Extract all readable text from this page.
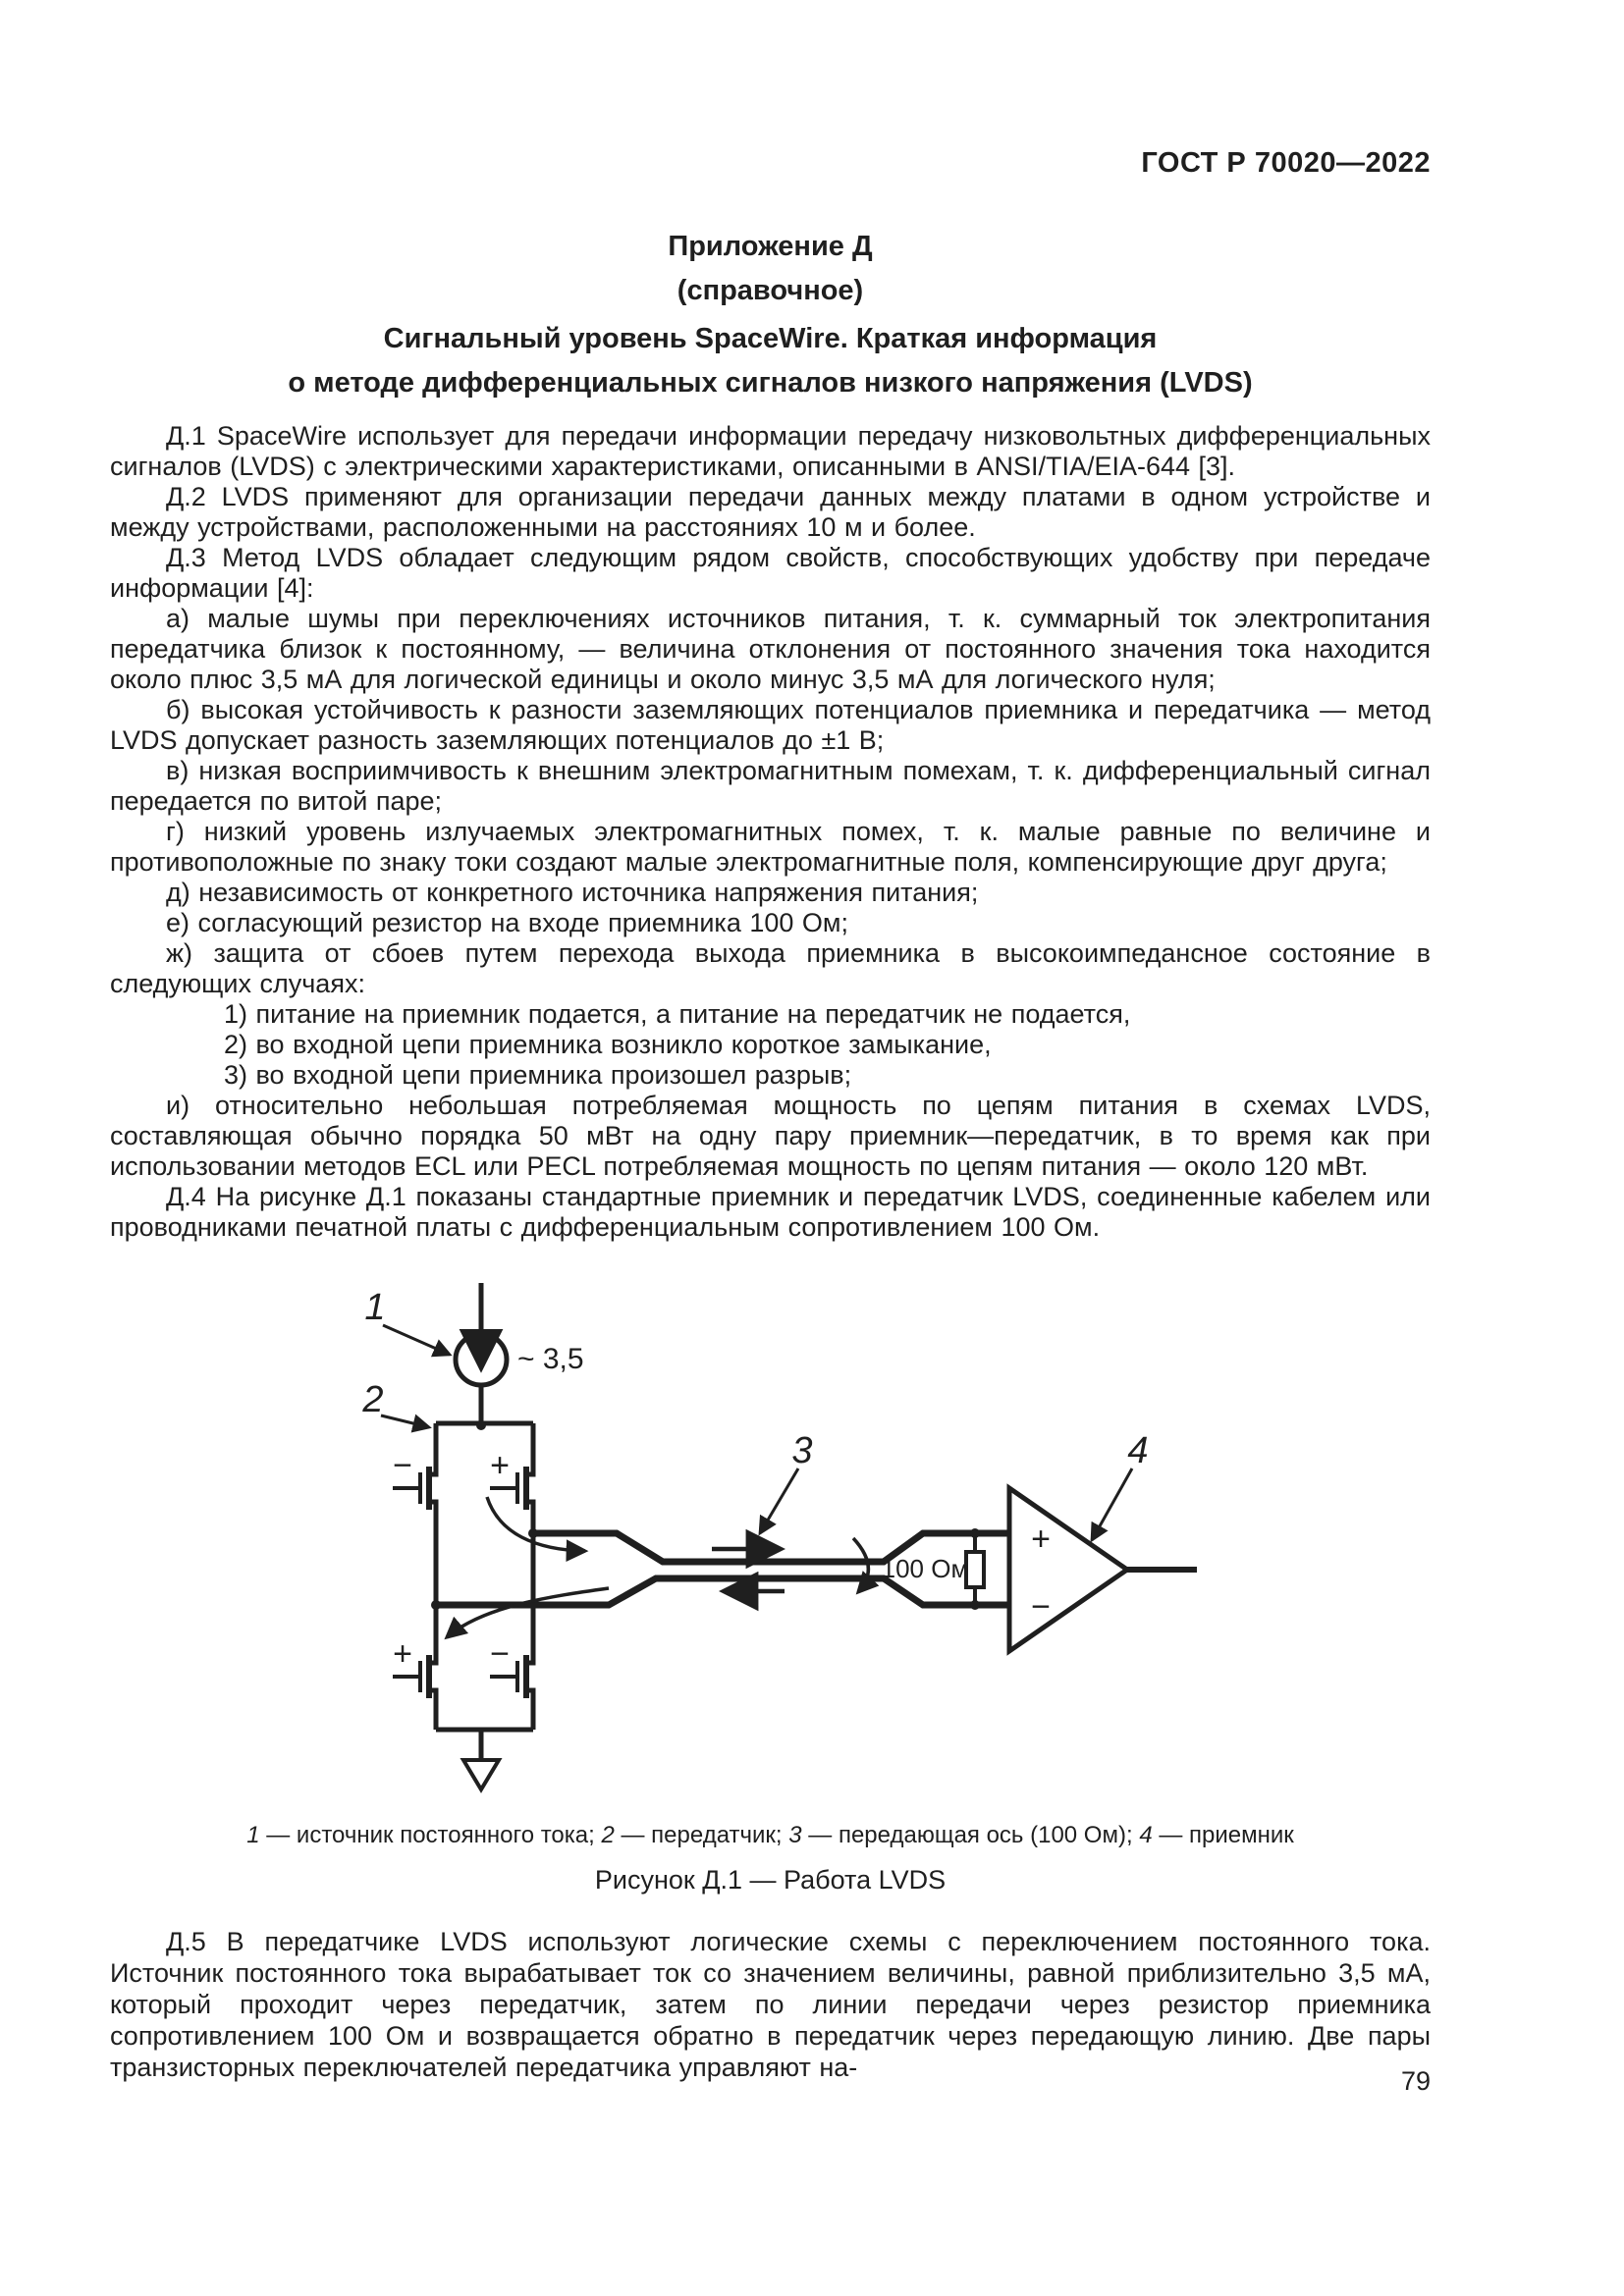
ГОСТ Р 70020—2022
Приложение Д
(справочное)
Сигнальный уровень SpaceWire. Краткая информация
о методе дифференциальных сигналов низкого напряжения (LVDS)

Д.1 SpaceWire использует для передачи информации передачу низковольтных дифференциальных сигналов (LVDS) с электрическими характеристиками, описанными в ANSI/TIA/EIA-644 [3].

Д.2 LVDS применяют для организации передачи данных между платами в одном устройстве и между устройствами, расположенными на расстояниях 10 м и более.

Д.3 Метод LVDS обладает следующим рядом свойств, способствующих удобству при передаче информации [4]:

а) малые шумы при переключениях источников питания, т. к. суммарный ток электропитания передатчика близок к постоянному, — величина отклонения от постоянного значения тока находится около плюс 3,5 мА для логической единицы и около минус 3,5 мА для логического нуля;

б) высокая устойчивость к разности заземляющих потенциалов приемника и передатчика — метод LVDS допускает разность заземляющих потенциалов до ±1 В;

в) низкая восприимчивость к внешним электромагнитным помехам, т. к. дифференциальный сигнал передается по витой паре;

г) низкий уровень излучаемых электромагнитных помех, т. к. малые равные по величине и противоположные по знаку токи создают малые электромагнитные поля, компенсирующие друг друга;

д) независимость от конкретного источника напряжения питания;

е) согласующий резистор на входе приемника 100 Ом;

ж) защита от сбоев путем перехода выхода приемника в высокоимпедансное состояние в следующих случаях:

1) питание на приемник подается, а питание на передатчик не подается,

2) во входной цепи приемника возникло короткое замыкание,

3) во входной цепи приемника произошел разрыв;

и) относительно небольшая потребляемая мощность по цепям питания в схемах LVDS, составляющая обычно порядка 50 мВт на одну пару приемник—передатчик, в то время как при использовании методов ECL или PECL потребляемая мощность по цепям питания — около 120 мВт.

Д.4 На рисунке Д.1 показаны стандартные приемник и передатчик LVDS, соединенные кабелем или проводниками печатной платы с дифференциальным сопротивлением 100 Ом.

~ 3,5
1
2
− +
+ −
3
100 Ом
+
−
4
1 — источник постоянного тока; 2 — передатчик; 3 — передающая ось (100 Ом); 4 — приемник
Рисунок Д.1 — Работа LVDS

Д.5 В передатчике LVDS используют логические схемы с переключением постоянного тока. Источник постоянного тока вырабатывает ток со значением величины, равной приблизительно 3,5 мА, который проходит через передатчик, затем по линии передачи через резистор приемника сопротивлением 100 Ом и возвращается обратно в передатчик через передающую линию. Две пары транзисторных переключателей передатчика управляют на-	79
